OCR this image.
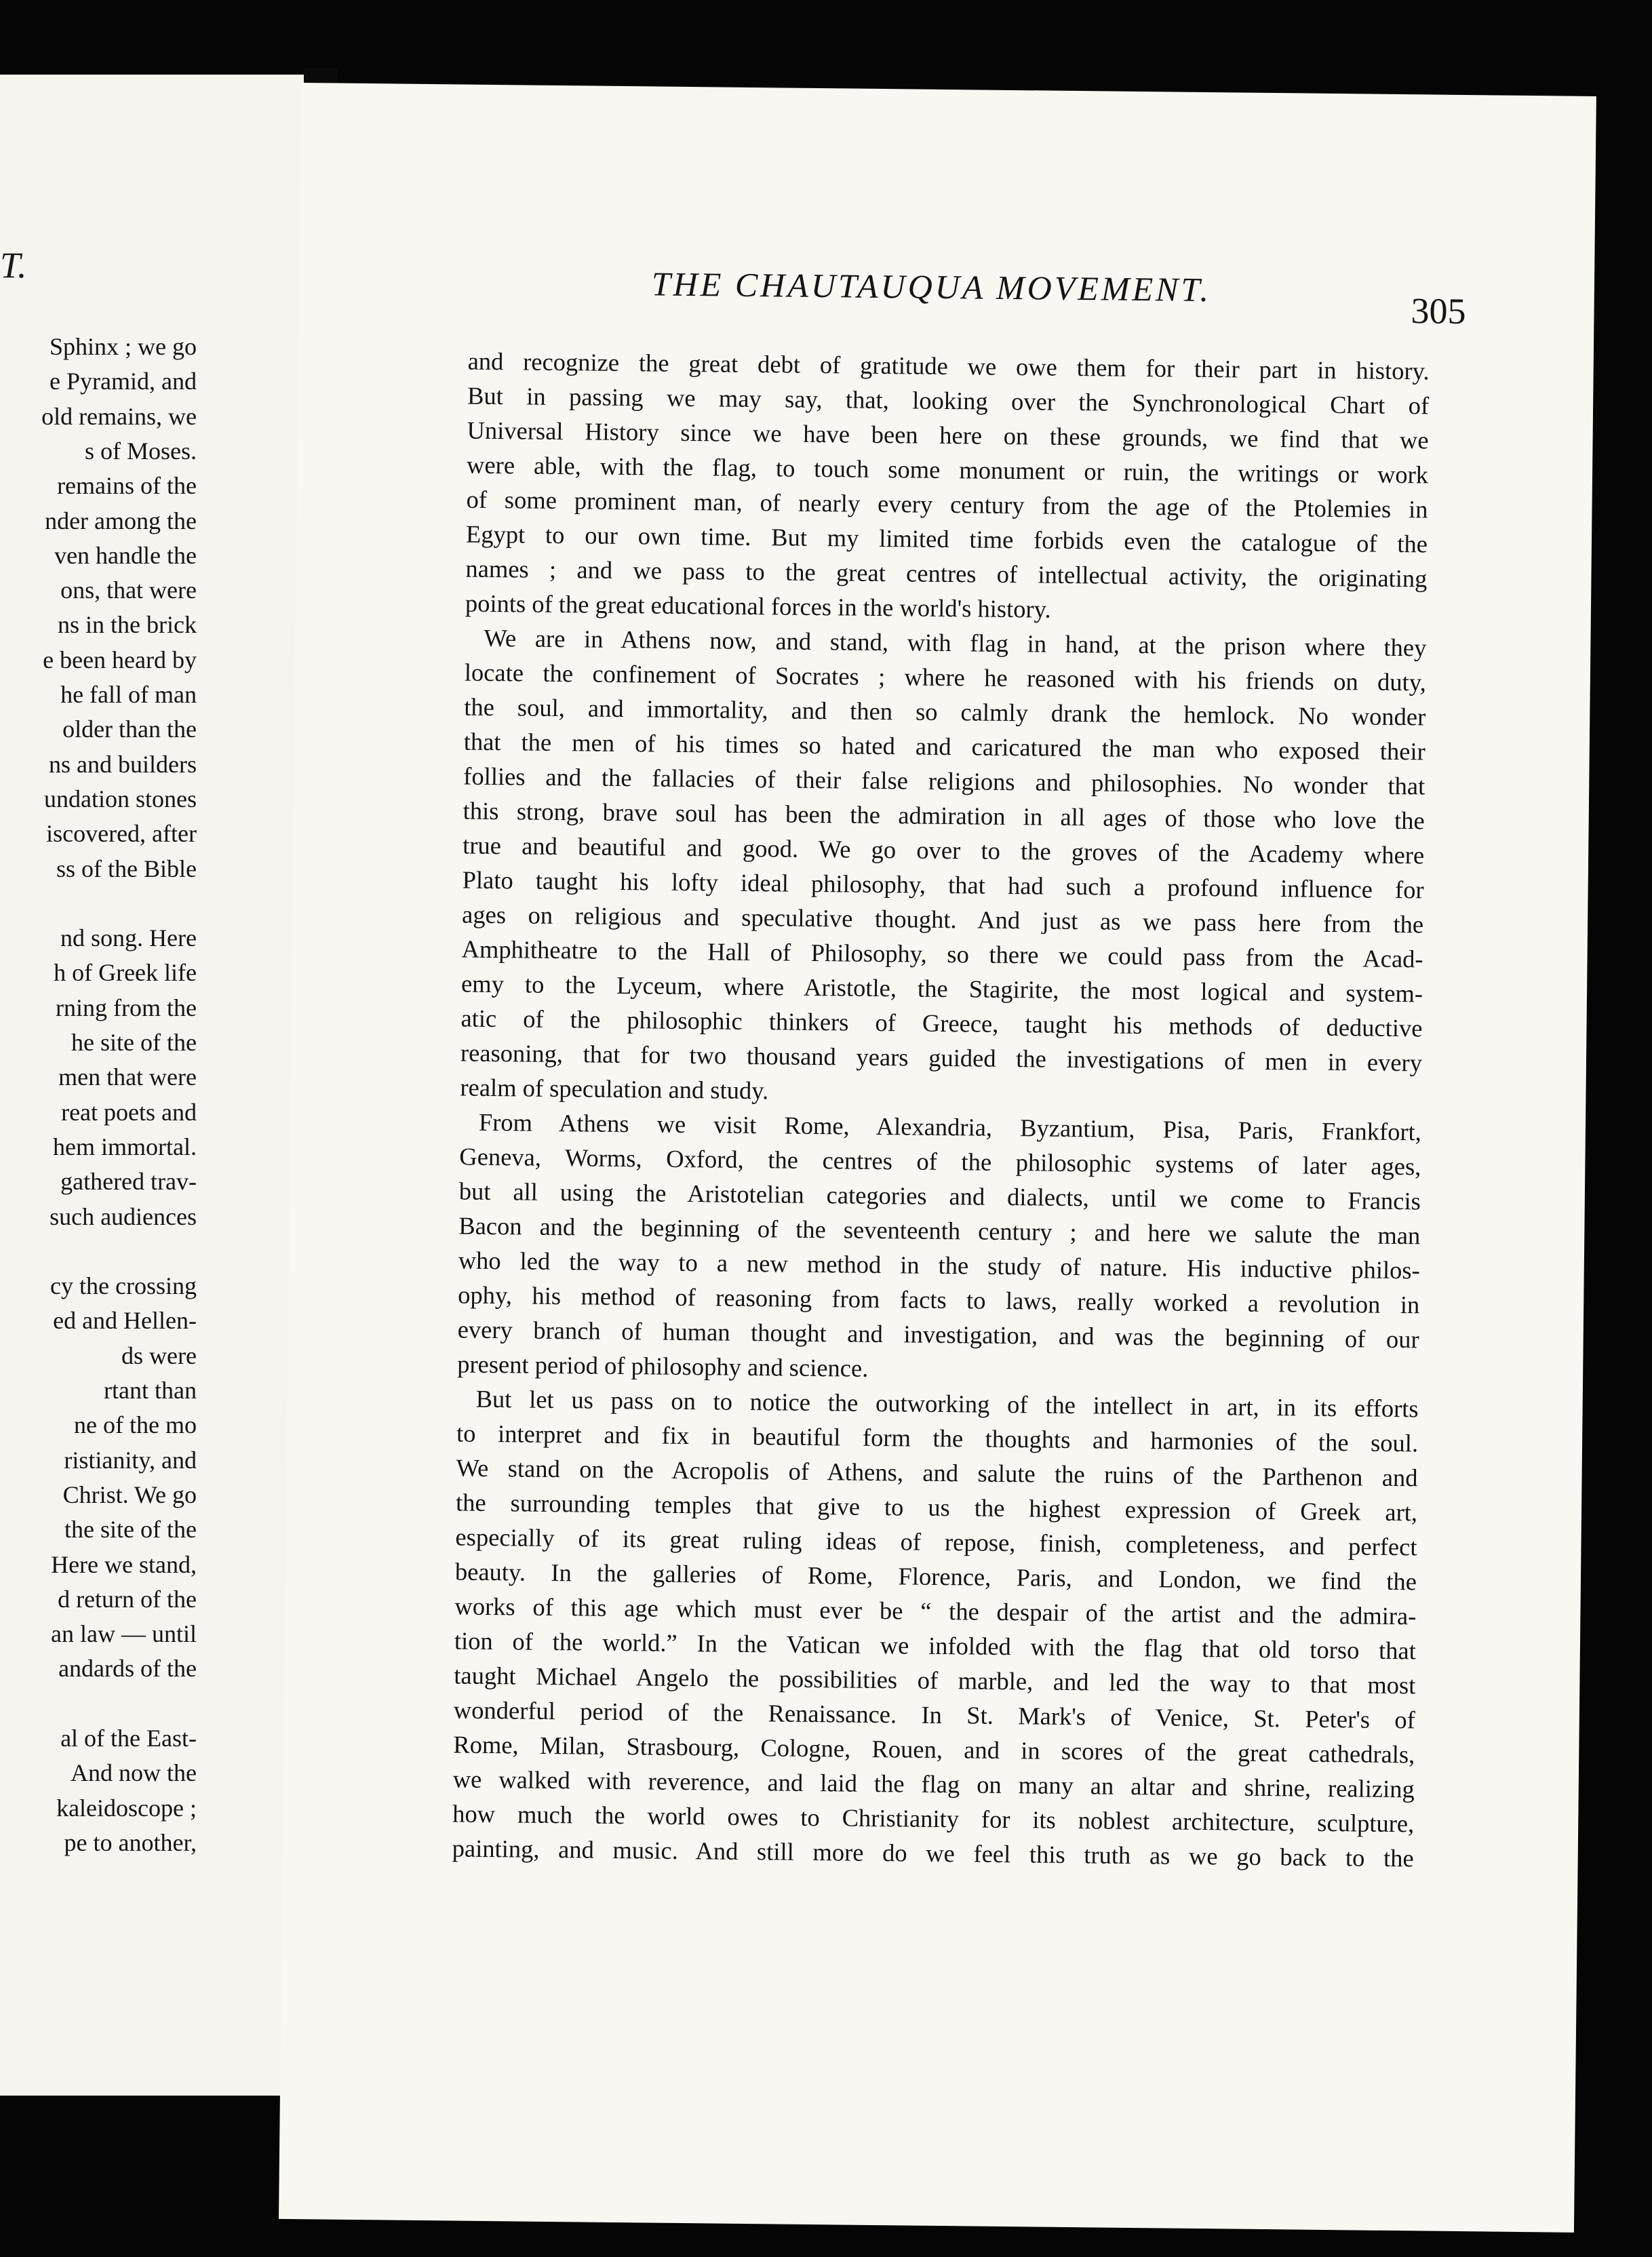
T.
Sphinx ; we go
e Pyramid, and
old remains, we
s of Moses.
remains of the
nder among the
ven handle the
ons, that were
ns in the brick
e been heard by
he fall of man
older than the
ns and builders
undation stones
iscovered, after
ss of the Bible
nd song. Here
h of Greek life
rning from the
he site of the
men that were
reat poets and
hem immortal.
gathered trav-
such audiences
cy the crossing
ed and Hellen-
ds were
rtant than
ne of the mo
ristianity, and
Christ. We go
the site of the
Here we stand,
d return of the
an law — until
andards of the
al of the East-
And now the
kaleidoscope ;
pe to another,
THE CHAUTAUQUA MOVEMENT.
305
and recognize the great debt of gratitude we owe them for their part in history.
But in passing we may say, that, looking over the Synchronological Chart of
Universal History since we have been here on these grounds, we find that we
were able, with the flag, to touch some monument or ruin, the writings or work
of some prominent man, of nearly every century from the age of the Ptolemies in
Egypt to our own time. But my limited time forbids even the catalogue of the
names ; and we pass to the great centres of intellectual activity, the originating
points of the great educational forces in the world's history.
We are in Athens now, and stand, with flag in hand, at the prison where they
locate the confinement of Socrates ; where he reasoned with his friends on duty,
the soul, and immortality, and then so calmly drank the hemlock. No wonder
that the men of his times so hated and caricatured the man who exposed their
follies and the fallacies of their false religions and philosophies. No wonder that
this strong, brave soul has been the admiration in all ages of those who love the
true and beautiful and good. We go over to the groves of the Academy where
Plato taught his lofty ideal philosophy, that had such a profound influence for
ages on religious and speculative thought. And just as we pass here from the
Amphitheatre to the Hall of Philosophy, so there we could pass from the Acad-
emy to the Lyceum, where Aristotle, the Stagirite, the most logical and system-
atic of the philosophic thinkers of Greece, taught his methods of deductive
reasoning, that for two thousand years guided the investigations of men in every
realm of speculation and study.
From Athens we visit Rome, Alexandria, Byzantium, Pisa, Paris, Frankfort,
Geneva, Worms, Oxford, the centres of the philosophic systems of later ages,
but all using the Aristotelian categories and dialects, until we come to Francis
Bacon and the beginning of the seventeenth century ; and here we salute the man
who led the way to a new method in the study of nature. His inductive philos-
ophy, his method of reasoning from facts to laws, really worked a revolution in
every branch of human thought and investigation, and was the beginning of our
present period of philosophy and science.
But let us pass on to notice the outworking of the intellect in art, in its efforts
to interpret and fix in beautiful form the thoughts and harmonies of the soul.
We stand on the Acropolis of Athens, and salute the ruins of the Parthenon and
the surrounding temples that give to us the highest expression of Greek art,
especially of its great ruling ideas of repose, finish, completeness, and perfect
beauty. In the galleries of Rome, Florence, Paris, and London, we find the
works of this age which must ever be “ the despair of the artist and the admira-
tion of the world.” In the Vatican we infolded with the flag that old torso that
taught Michael Angelo the possibilities of marble, and led the way to that most
wonderful period of the Renaissance. In St. Mark's of Venice, St. Peter's of
Rome, Milan, Strasbourg, Cologne, Rouen, and in scores of the great cathedrals,
we walked with reverence, and laid the flag on many an altar and shrine, realizing
how much the world owes to Christianity for its noblest architecture, sculpture,
painting, and music. And still more do we feel this truth as we go back to the
